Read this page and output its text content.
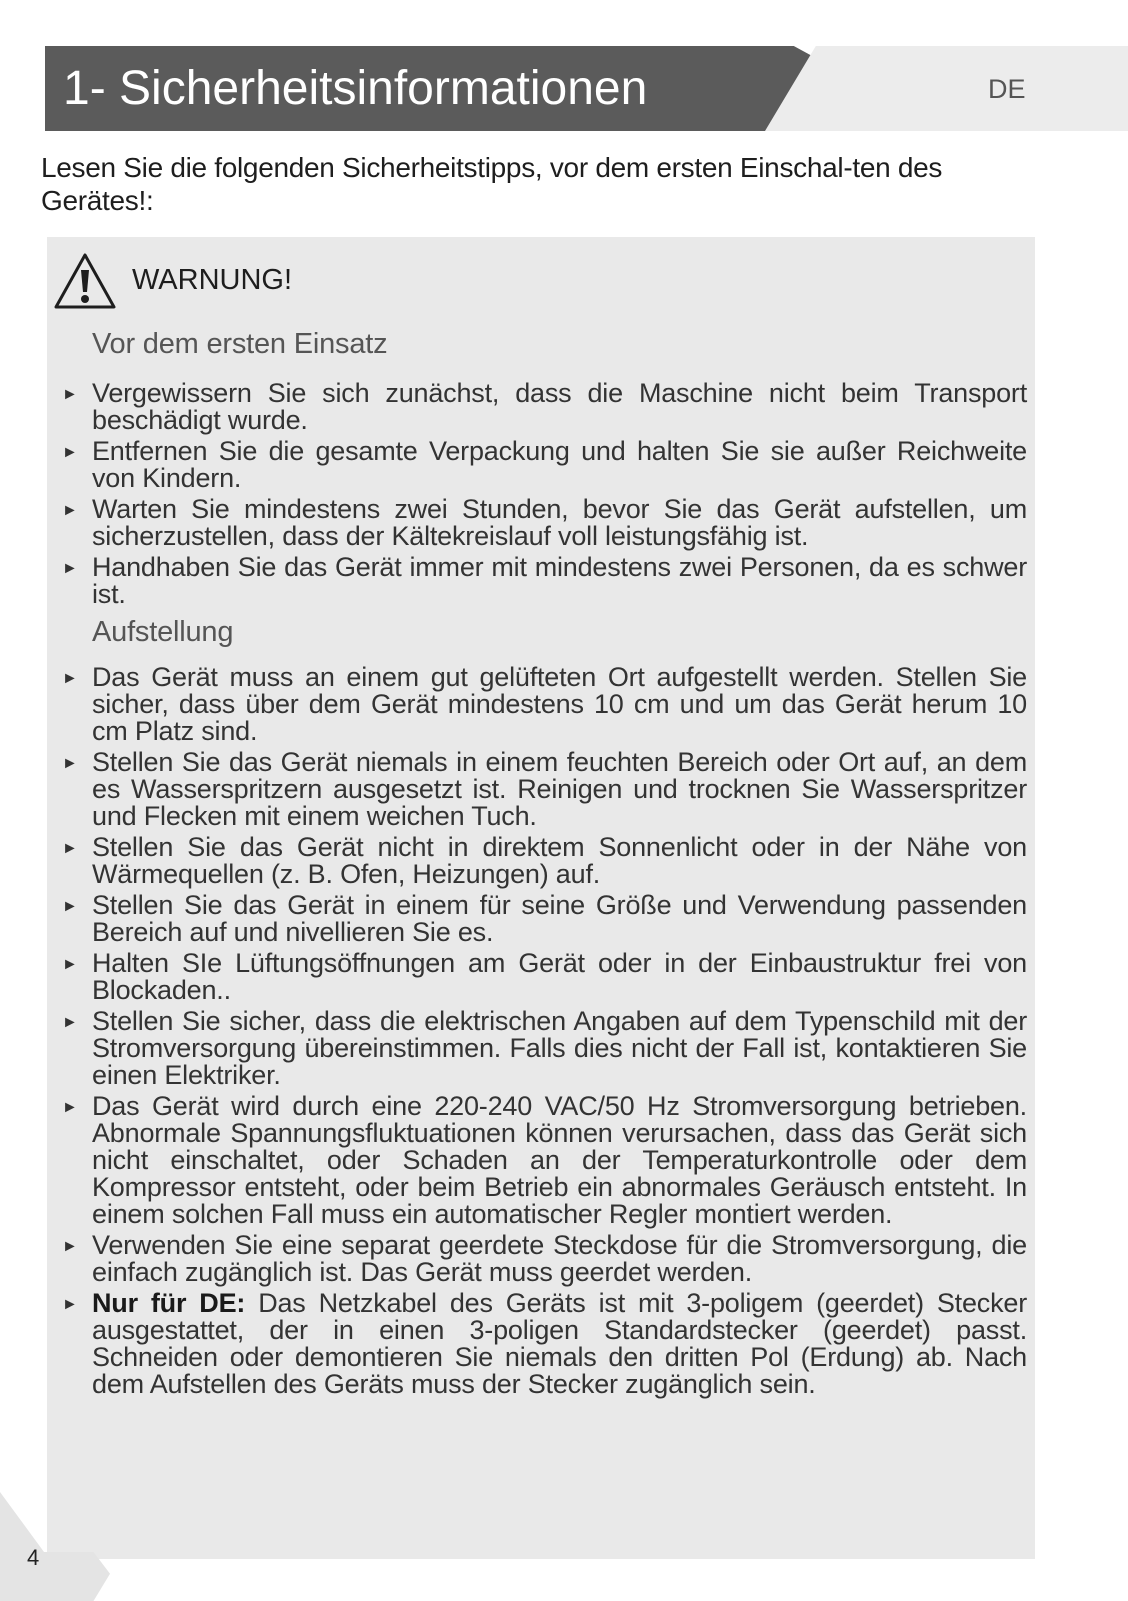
1- Sicherheitsinformationen	DE
Lesen Sie die folgenden Sicherheitstipps, vor dem ersten Einschal-ten des Gerätes!:
WARNUNG!
Vor dem ersten Einsatz
► Vergewissern Sie sich zunächst, dass die Maschine nicht beim Transport beschädigt wurde.
► Entfernen Sie die gesamte Verpackung und halten Sie sie außer Reichweite von Kindern.
► Warten Sie mindestens zwei Stunden, bevor Sie das Gerät aufstellen, um sicherzustellen, dass der Kältekreislauf voll leistungsfähig ist.
► Handhaben Sie das Gerät immer mit mindestens zwei Personen, da es schwer ist.
Aufstellung
► Das Gerät muss an einem gut gelüfteten Ort aufgestellt werden. Stellen Sie sicher, dass über dem Gerät mindestens 10 cm und um das Gerät herum 10 cm Platz sind.
► Stellen Sie das Gerät niemals in einem feuchten Bereich oder Ort auf, an dem es Wasserspritzern ausgesetzt ist. Reinigen und trocknen Sie Wasserspritzer und Flecken mit einem weichen Tuch.
► Stellen Sie das Gerät nicht in direktem Sonnenlicht oder in der Nähe von Wärmequellen (z. B. Ofen, Heizungen) auf.
► Stellen Sie das Gerät in einem für seine Größe und Verwendung passenden Bereich auf und nivellieren Sie es.
► Halten SIe Lüftungsöffnungen am Gerät oder in der Einbaustruktur frei von Blockaden..
► Stellen Sie sicher, dass die elektrischen Angaben auf dem Typenschild mit der Stromversorgung übereinstimmen. Falls dies nicht der Fall ist, kontaktieren Sie einen Elektriker.
► Das Gerät wird durch eine 220-240 VAC/50 Hz Stromversorgung betrieben. Abnormale Spannungsfluktuationen können verursachen, dass das Gerät sich nicht einschaltet, oder Schaden an der Temperaturkontrolle oder dem Kompressor entsteht, oder beim Betrieb ein abnormales Geräusch entsteht. In einem solchen Fall muss ein automatischer Regler montiert werden.
► Verwenden Sie eine separat geerdete Steckdose für die Stromversorgung, die einfach zugänglich ist. Das Gerät muss geerdet werden.
► Nur für DE: Das Netzkabel des Geräts ist mit 3-poligem (geerdet) Stecker ausgestattet, der in einen 3-poligen Standardstecker (geerdet) passt. Schneiden oder demontieren Sie niemals den dritten Pol (Erdung) ab. Nach dem Aufstellen des Geräts muss der Stecker zugänglich sein.
4
